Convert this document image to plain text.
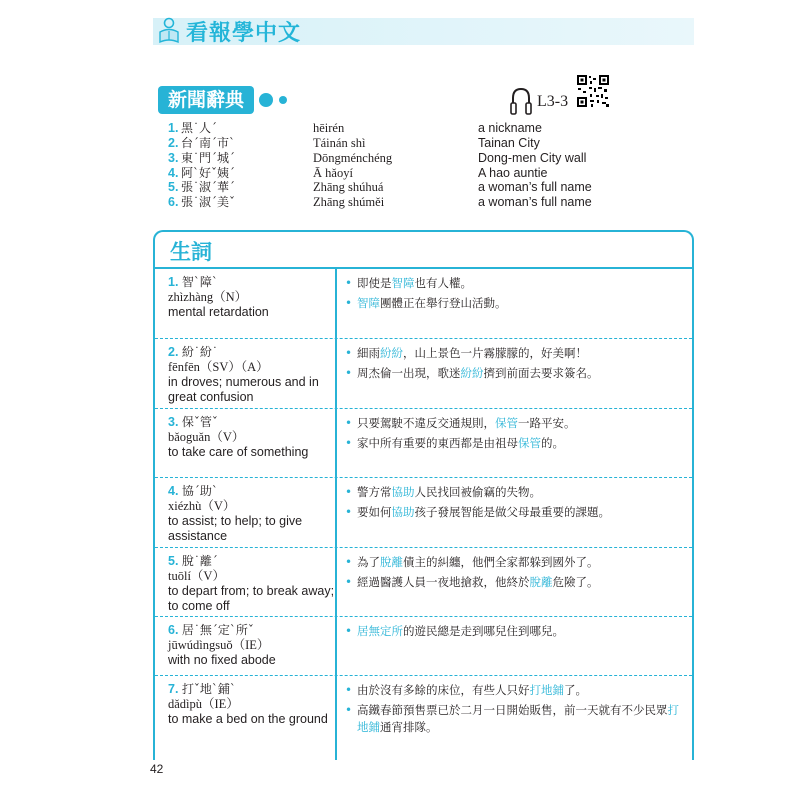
看報學中文
新聞辭典	L3-3
1. 黑˙人ˊ	hēirén	a nickname
2. 台ˊ南ˊ市ˋ	Táinán shì	Tainan City
3. 東˙門ˊ城ˊ	Dōngménchéng	Dong-men City wall
4. 阿ˋ好ˇ姨ˊ	Ā hǎoyí	A hao auntie
5. 張˙淑ˊ華ˊ	Zhāng shúhuá	a woman’s full name
6. 張˙淑ˊ美ˇ	Zhāng shúměi	a woman’s full name
生詞
1. 智ˋ障ˋ
zhìzhàng（N）
mental retardation
• 即使是智障也有人權。
• 智障團體正在舉行登山活動。
2. 紛˙紛˙
fēnfēn（SV）（A）
in droves; numerous and in great confusion
• 細雨紛紛，山上景色一片霧朦朦的，好美啊！
• 周杰倫一出現，歌迷紛紛擠到前面去要求簽名。
3. 保ˇ管ˇ
bǎoguǎn（V）
to take care of something
• 只要駕駛不違反交通規則，保管一路平安。
• 家中所有重要的東西都是由祖母保管的。
4. 協ˊ助ˋ
xiézhù（V）
to assist; to help; to give assistance
• 警方常協助人民找回被偷竊的失物。
• 要如何協助孩子發展智能是做父母最重要的課題。
5. 脫˙離ˊ
tuōlí（V）
to depart from; to break away; to come off
• 為了脫離債主的糾纏，他們全家都躲到國外了。
• 經過醫護人員一夜地搶救，他終於脫離危險了。
6. 居˙無ˊ定ˋ所ˇ
jūwúdìngsuǒ（IE）
with no fixed abode
• 居無定所的遊民總是走到哪兒住到哪兒。
7. 打ˇ地ˋ鋪ˋ
dǎdìpù（IE）
to make a bed on the ground
• 由於沒有多餘的床位，有些人只好打地鋪了。
• 高鐵春節預售票已於二月一日開始販售，前一天就有不少民眾打地鋪通宵排隊。
42
